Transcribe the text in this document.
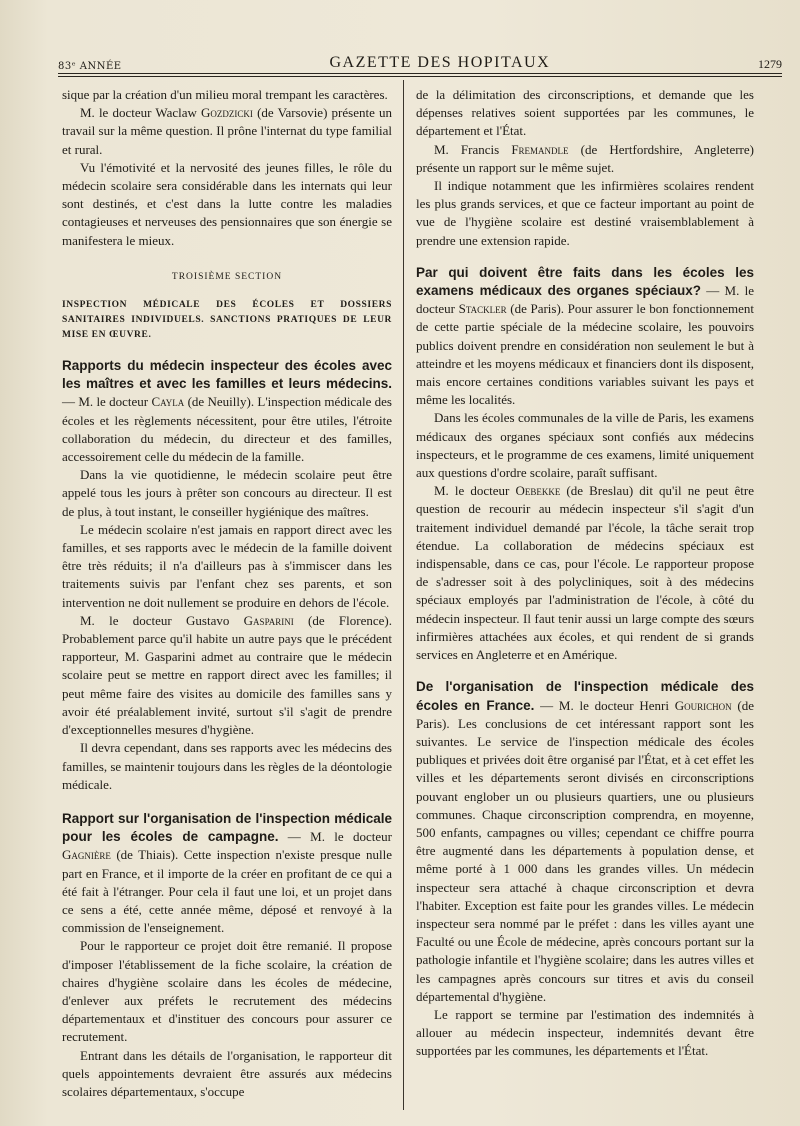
83ᵉ ANNÉE	GAZETTE DES HOPITAUX	1279

sique par la création d'un milieu moral trempant les caractères.

M. le docteur Waclaw Gozdzicki (de Varsovie) présente un travail sur la même question. Il prône l'internat du type familial et rural.

Vu l'émotivité et la nervosité des jeunes filles, le rôle du médecin scolaire sera considérable dans les internats qui leur sont destinés, et c'est dans la lutte contre les maladies contagieuses et nerveuses des pensionnaires que son énergie se manifestera le mieux.

TROISIÈME SECTION
INSPECTION MÉDICALE DES ÉCOLES ET DOSSIERS SANITAIRES INDIVIDUELS. SANCTIONS PRATIQUES DE LEUR MISE EN ŒUVRE.

Rapports du médecin inspecteur des écoles avec les maîtres et avec les familles et leurs médecins. — M. le docteur Cayla (de Neuilly). L'inspection médicale des écoles et les règlements nécessitent, pour être utiles, l'étroite collaboration du médecin, du directeur et des familles, accessoirement celle du médecin de la famille.

Dans la vie quotidienne, le médecin scolaire peut être appelé tous les jours à prêter son concours au directeur. Il est de plus, à tout instant, le conseiller hygiénique des maîtres.

Le médecin scolaire n'est jamais en rapport direct avec les familles, et ses rapports avec le médecin de la famille doivent être très réduits; il n'a d'ailleurs pas à s'immiscer dans les traitements suivis par l'enfant chez ses parents, et son intervention ne doit nullement se produire en dehors de l'école.

M. le docteur Gustavo Gasparini (de Florence). Probablement parce qu'il habite un autre pays que le précédent rapporteur, M. Gasparini admet au contraire que le médecin scolaire peut se mettre en rapport direct avec les familles; il peut même faire des visites au domicile des familles sans y avoir été préalablement invité, surtout s'il s'agit de prendre d'exceptionnelles mesures d'hygiène.

Il devra cependant, dans ses rapports avec les médecins des familles, se maintenir toujours dans les règles de la déontologie médicale.

Rapport sur l'organisation de l'inspection médicale pour les écoles de campagne. — M. le docteur Gagnière (de Thiais). Cette inspection n'existe presque nulle part en France, et il importe de la créer en profitant de ce qui a été fait à l'étranger. Pour cela il faut une loi, et un projet dans ce sens a été, cette année même, déposé et renvoyé à la commission de l'enseignement.

Pour le rapporteur ce projet doit être remanié. Il propose d'imposer l'établissement de la fiche scolaire, la création de chaires d'hygiène scolaire dans les écoles de médecine, d'enlever aux préfets le recrutement des médecins départementaux et d'instituer des concours pour assurer ce recrutement.

Entrant dans les détails de l'organisation, le rapporteur dit quels appointements devraient être assurés aux médecins scolaires départementaux, s'occupe

de la délimitation des circonscriptions, et demande que les dépenses relatives soient supportées par les communes, le département et l'État.

M. Francis Fremandle (de Hertfordshire, Angleterre) présente un rapport sur le même sujet.

Il indique notamment que les infirmières scolaires rendent les plus grands services, et que ce facteur important au point de vue de l'hygiène scolaire est destiné vraisemblablement à prendre une extension rapide.

Par qui doivent être faits dans les écoles les examens médicaux des organes spéciaux? — M. le docteur Stackler (de Paris). Pour assurer le bon fonctionnement de cette partie spéciale de la médecine scolaire, les pouvoirs publics doivent prendre en considération non seulement le but à atteindre et les moyens médicaux et financiers dont ils disposent, mais encore certaines conditions variables suivant les pays et même les localités.

Dans les écoles communales de la ville de Paris, les examens médicaux des organes spéciaux sont confiés aux médecins inspecteurs, et le programme de ces examens, limité uniquement aux questions d'ordre scolaire, paraît suffisant.

M. le docteur Oebekke (de Breslau) dit qu'il ne peut être question de recourir au médecin inspecteur s'il s'agit d'un traitement individuel demandé par l'école, la tâche serait trop étendue. La collaboration de médecins spéciaux est indispensable, dans ce cas, pour l'école. Le rapporteur propose de s'adresser soit à des polycliniques, soit à des médecins spéciaux employés par l'administration de l'école, à côté du médecin inspecteur. Il faut tenir aussi un large compte des sœurs infirmières attachées aux écoles, et qui rendent de si grands services en Angleterre et en Amérique.

De l'organisation de l'inspection médicale des écoles en France. — M. le docteur Henri Gourichon (de Paris). Les conclusions de cet intéressant rapport sont les suivantes. Le service de l'inspection médicale des écoles publiques et privées doit être organisé par l'État, et à cet effet les villes et les départements seront divisés en circonscriptions pouvant englober un ou plusieurs quartiers, une ou plusieurs communes. Chaque circonscription comprendra, en moyenne, 500 enfants, campagnes ou villes; cependant ce chiffre pourra être augmenté dans les départements à population dense, et même porté à 1 000 dans les grandes villes. Un médecin inspecteur sera attaché à chaque circonscription et devra l'habiter. Exception est faite pour les grandes villes. Le médecin inspecteur sera nommé par le préfet : dans les villes ayant une Faculté ou une École de médecine, après concours portant sur la pathologie infantile et l'hygiène scolaire; dans les autres villes et les campagnes après concours sur titres et avis du conseil départemental d'hygiène.

Le rapport se termine par l'estimation des indemnités à allouer au médecin inspecteur, indemnités devant être supportées par les communes, les départements et l'État.
